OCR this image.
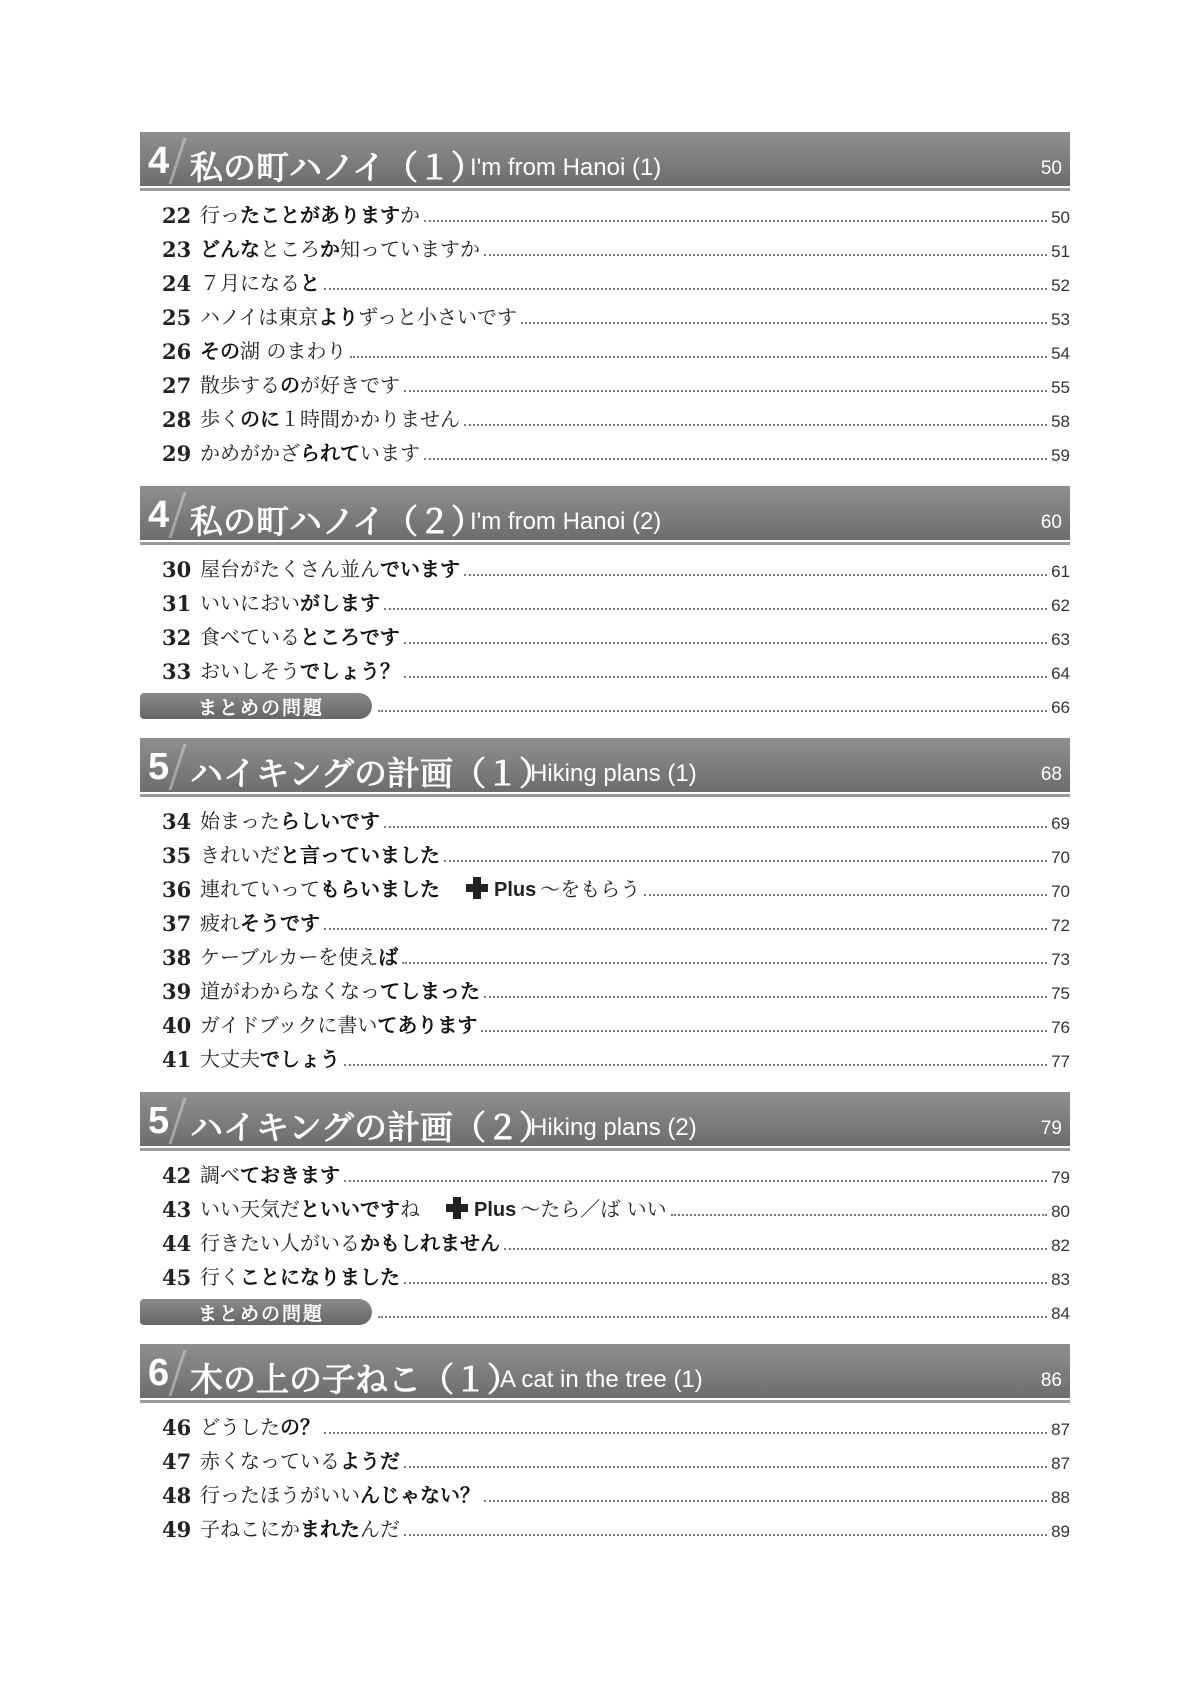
4 私の町ハノイ（１）
I'm from Hanoi (1)	50
22 行ったことがありますか	50
23 どんなところか知っていますか	51
24 ７月になると	52
25 ハノイは東京よりずっと小さいです	53
26 その湖 のまわり	54
27 散歩するのが好きです	55
28 歩くのに１時間かかりません	58
29 かめがかざられています	59
4 私の町ハノイ（２）
I'm from Hanoi (2)	60
30 屋台がたくさん並んでいます	61
31 いいにおいがします	62
32 食べているところです	63
33 おいしそうでしょう？	64
まとめの問題	66
5 ハイキングの計画（１）
Hiking plans (1)	68
34 始まったらしいです	69
35 きれいだと言っていました	70
36 連れていってもらいました	Plus 〜をもらう	70
37 疲れそうです	72
38 ケーブルカーを使えば	73
39 道がわからなくなってしまった	75
40 ガイドブックに書いてあります	76
41 大丈夫でしょう	77
5 ハイキングの計画（２）
Hiking plans (2)	79
42 調べておきます	79
43 いい天気だといいですね	Plus 〜たら／ば いい	80
44 行きたい人がいるかもしれません	82
45 行くことになりました	83
まとめの問題	84
6 木の上の子ねこ（１）
A cat in the tree (1)	86
46 どうしたの？	87
47 赤くなっているようだ	87
48 行ったほうがいいんじゃない？	88
49 子ねこにかまれたんだ	89
